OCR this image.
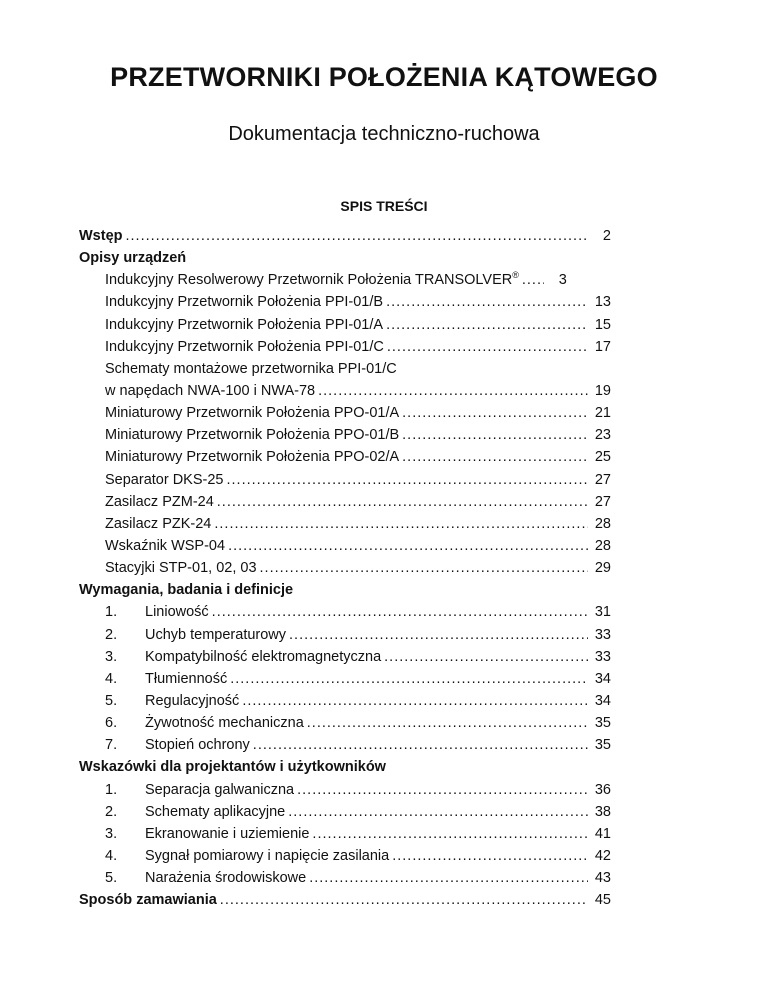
PRZETWORNIKI POŁOŻENIA KĄTOWEGO
Dokumentacja techniczno-ruchowa
SPIS TREŚCI
Wstęp .....	2
Opisy urządzeń
Indukcyjny Resolwerowy Przetwornik Położenia TRANSOLVER® .....	3
Indukcyjny Przetwornik Położenia PPI-01/B .....	13
Indukcyjny Przetwornik Położenia PPI-01/A .....	15
Indukcyjny Przetwornik Położenia PPI-01/C .....	17
Schematy montażowe przetwornika PPI-01/C
w napędach NWA-100 i NWA-78 .....	19
Miniaturowy Przetwornik Położenia PPO-01/A .....	21
Miniaturowy Przetwornik Położenia PPO-01/B .....	23
Miniaturowy Przetwornik Położenia PPO-02/A .....	25
Separator DKS-25 .....	27
Zasilacz PZM-24 .....	27
Zasilacz PZK-24 .....	28
Wskaźnik WSP-04 .....	28
Stacyjki STP-01, 02, 03 .....	29
Wymagania, badania i definicje
1.	Liniowość .....	31
2.	Uchyb temperaturowy .....	33
3.	Kompatybilność elektromagnetyczna .....	33
4.	Tłumienność .....	34
5.	Regulacyjność .....	34
6.	Żywotność mechaniczna .....	35
7.	Stopień ochrony .....	35
Wskazówki dla projektantów i użytkowników
1.	Separacja galwaniczna .....	36
2.	Schematy aplikacyjne .....	38
3.	Ekranowanie i uziemienie .....	41
4.	Sygnał pomiarowy i napięcie zasilania .....	42
5.	Narażenia środowiskowe .....	43
Sposób zamawiania .....	45
